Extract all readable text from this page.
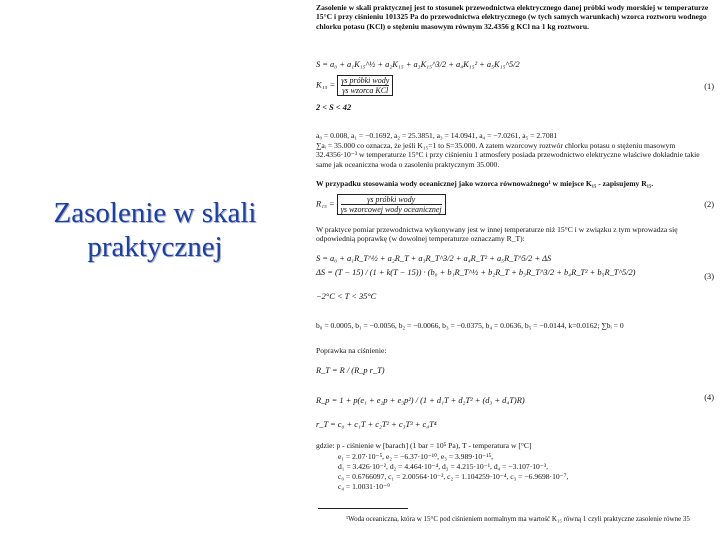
Zasolenie w skali
praktycznej
Zasolenie w skali praktycznej jest to stosunek przewodnictwa elektrycznego danej próbki wody morskiej w temperaturze 15°C i przy ciśnieniu 101325 Pa do przewodnictwa elektrycznego (w tych samych warunkach) wzorca roztworu wodnego chlorku potasu (KCl) o stężeniu masowym równym 32.4356 g KCl na 1 kg roztworu.
S = a₀ + a₁K₁₅^½ + a₂K₁₅ + a₃K₁₅^3/2 + a₄K₁₅² + a₅K₁₅^5/2
$K_{15} = \frac{\text{γs próbki wody}}{\text{γs wzorca KCl}}$	(1)
2 < S < 42
a₀ = 0.008, a₁ = −0.1692, a₂ = 25.3851, a₃ = 14.0941, a₄ = −7.0261, a₅ = 2.7081
∑aᵢ = 35.000 co oznacza, że jeśli K₁₅=1 to S=35.000. A zatem wzorcowy roztwór chlorku potasu o stężeniu masowym 32.4356·10⁻³ w temperaturze 15°C i przy ciśnieniu 1 atmosfery posiada przewodnictwo elektryczne właściwe dokładnie takie same jak oceaniczna woda o zasoleniu praktycznym 35.000.
W przypadku stosowania wody oceanicznej jako wzorca równoważnego¹ w miejsce K₁₅ - zapisujemy R₁₅.
$R_{15} = \frac{\text{γs próbki wody}}{\text{γs wzorcowej wody oceanicznej}}$	(2)
W praktyce pomiar przewodnictwa wykonywany jest w innej temperaturze niż 15°C i w związku z tym wprowadza się odpowiednią poprawkę (w dowolnej temperaturze oznaczamy R_T):
S = a₀ + a₁R_T^½ + a₂R_T + a₃R_T^3/2 + a₄R_T² + a₅R_T^5/2 + ΔS
ΔS = (T − 15) / (1 + k(T − 15)) · (b₀ + b₁R_T^½ + b₂R_T + b₃R_T^3/2 + b₄R_T² + b₅R_T^5/2)	(3)
−2°C < T < 35°C
b₀ = 0.0005, b₁ = −0.0056, b₂ = −0.0066, b₃ = −0.0375, b₄ = 0.0636, b₅ = −0.0144, k=0.0162; ∑bᵢ = 0
Poprawka na ciśnienie:
R_T = R / (R_p r_T)
R_p = 1 + p(e₁ + e₂p + e₃p²) / (1 + d₁T + d₂T² + (d₃ + d₄T)R)	(4)
r_T = c₀ + c₁T + c₂T² + c₃T³ + c₄T⁴
gdzie: p - ciśnienie w [barach] (1 bar = 10⁵ Pa), T - temperatura w [°C]
e₁ = 2.07·10⁻⁵, e₂ = −6.37·10⁻¹⁰, e₃ = 3.989·10⁻¹⁵,
d₁ = 3.426·10⁻², d₂ = 4.464·10⁻⁴, d₃ = 4.215·10⁻¹, d₄ = −3.107·10⁻³,
c₀ = 0.6766097, c₁ = 2.00564·10⁻², c₂ = 1.104259·10⁻⁴, c₃ = −6.9698·10⁻⁷,
c₄ = 1.0031·10⁻⁹
¹Woda oceaniczna, która w 15°C pod ciśnieniem normalnym ma wartość K₁₅ równą 1 czyli praktyczne zasolenie równe 35
